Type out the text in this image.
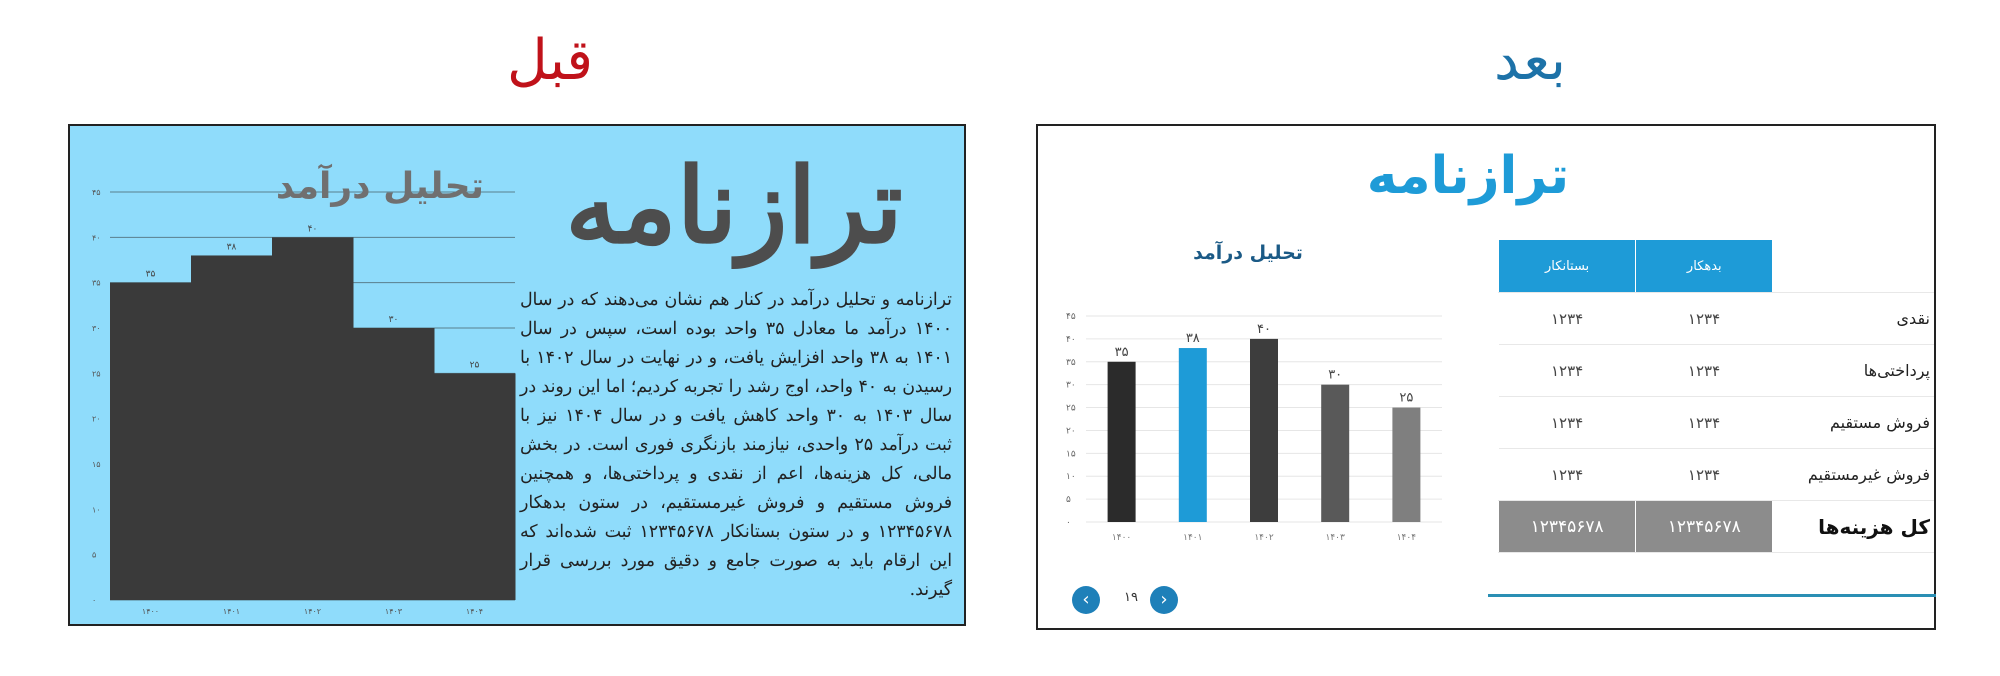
قبل	بعد
۰
۵
۱۰
۱۵
۲۰
۲۵
۳۰
۳۵
۴۰
۴۵
۳۵
۱۴۰۰
۳۸
۱۴۰۱
۴۰
۱۴۰۲
۳۰
۱۴۰۳
۲۵
۱۴۰۴
تحلیل درآمد ترازنامه
ترازنامه و تحلیل درآمد در کنار هم نشان می‌دهند که در سال ۱۴۰۰ درآمد ما معادل ۳۵ واحد بوده است، سپس در سال ۱۴۰۱ به ۳۸ واحد افزایش یافت، و در نهایت در سال ۱۴۰۲ با رسیدن به ۴۰ واحد، اوج رشد را تجربه کردیم؛ اما این روند در سال ۱۴۰۳ به ۳۰ واحد کاهش یافت و در سال ۱۴۰۴ نیز با ثبت درآمد ۲۵ واحدی، نیازمند بازنگری فوری است. در بخش مالی، کل هزینه‌ها، اعم از نقدی و پرداختی‌ها، و همچنین فروش مستقیم و فروش غیرمستقیم، در ستون بدهکار ۱۲۳۴۵۶۷۸ و در ستون بستانکار ۱۲۳۴۵۶۷۸ ثبت شده‌اند که این ارقام باید به صورت جامع و دقیق مورد بررسی قرار گیرند.
ترازنامه
تحلیل درآمد
۰
۵
۱۰
۱۵
۲۰
۲۵
۳۰
۳۵
۴۰
۴۵
۳۵
۱۴۰۰
۳۸
۱۴۰۱
۴۰
۱۴۰۲
۳۰
۱۴۰۳
۲۵
۱۴۰۴
	بدهکار	بستانکار
نقدی	۱۲۳۴	۱۲۳۴
پرداختی‌ها	۱۲۳۴	۱۲۳۴
فروش مستقیم	۱۲۳۴	۱۲۳۴
فروش غیرمستقیم	۱۲۳۴	۱۲۳۴
کل هزینه‌ها	۱۲۳۴۵۶۷۸	۱۲۳۴۵۶۷۸
‹	۱۹	›
